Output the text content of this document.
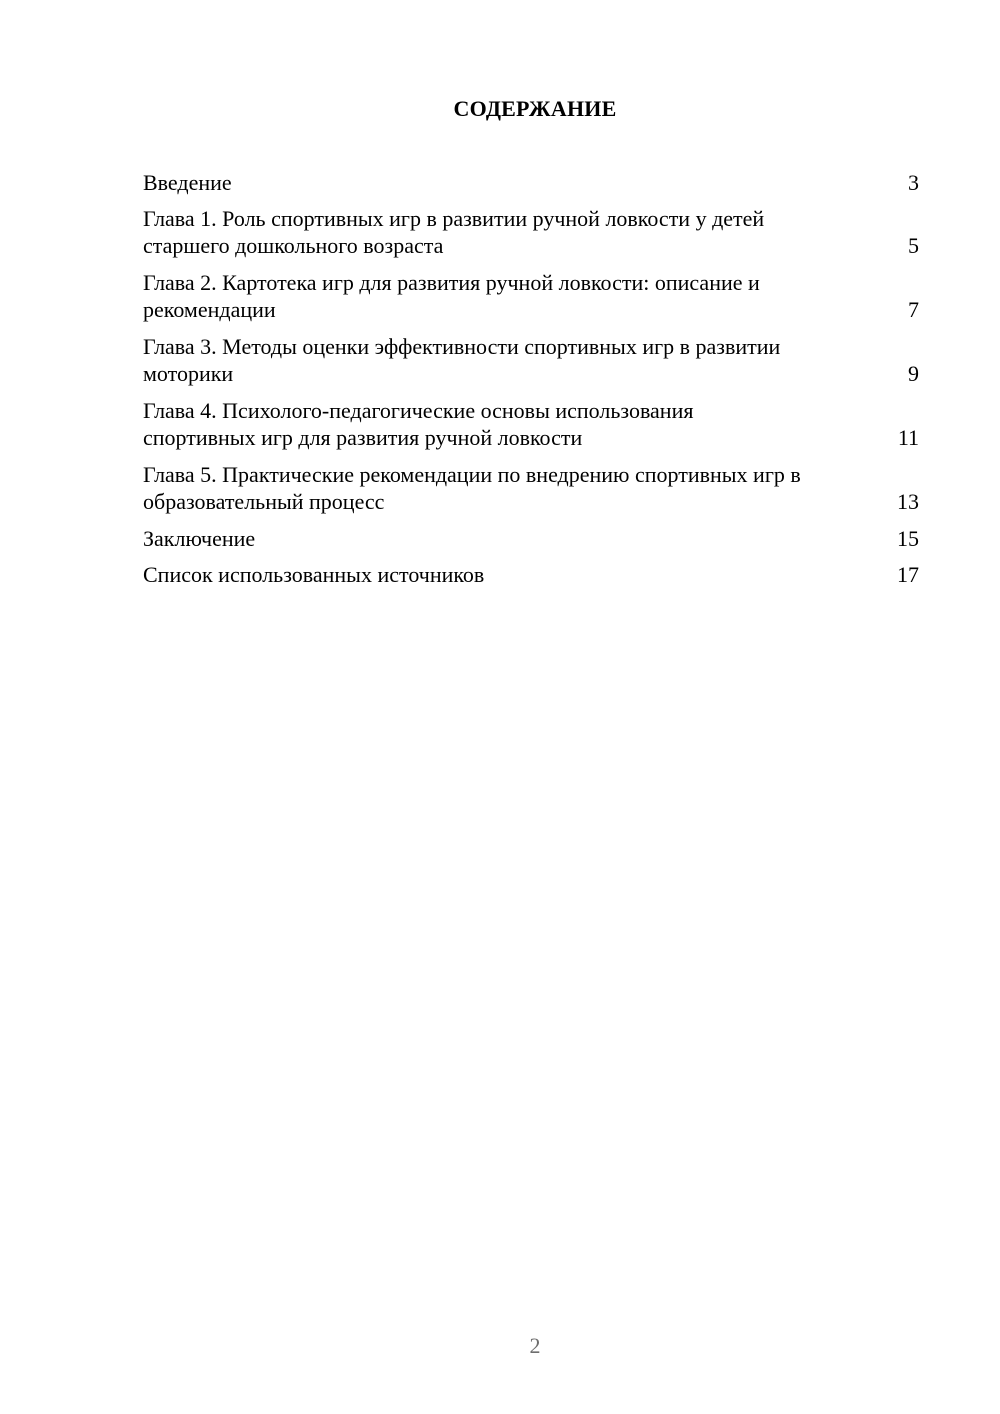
СОДЕРЖАНИЕ
Введение	3
Глава 1. Роль спортивных игр в развитии ручной ловкости у детей старшего дошкольного возраста	5
Глава 2. Картотека игр для развития ручной ловкости: описание и рекомендации	7
Глава 3. Методы оценки эффективности спортивных игр в развитии моторики	9
Глава 4. Психолого-педагогические основы использования спортивных игр для развития ручной ловкости	11
Глава 5. Практические рекомендации по внедрению спортивных игр в образовательный процесс	13
Заключение	15
Список использованных источников	17
2
